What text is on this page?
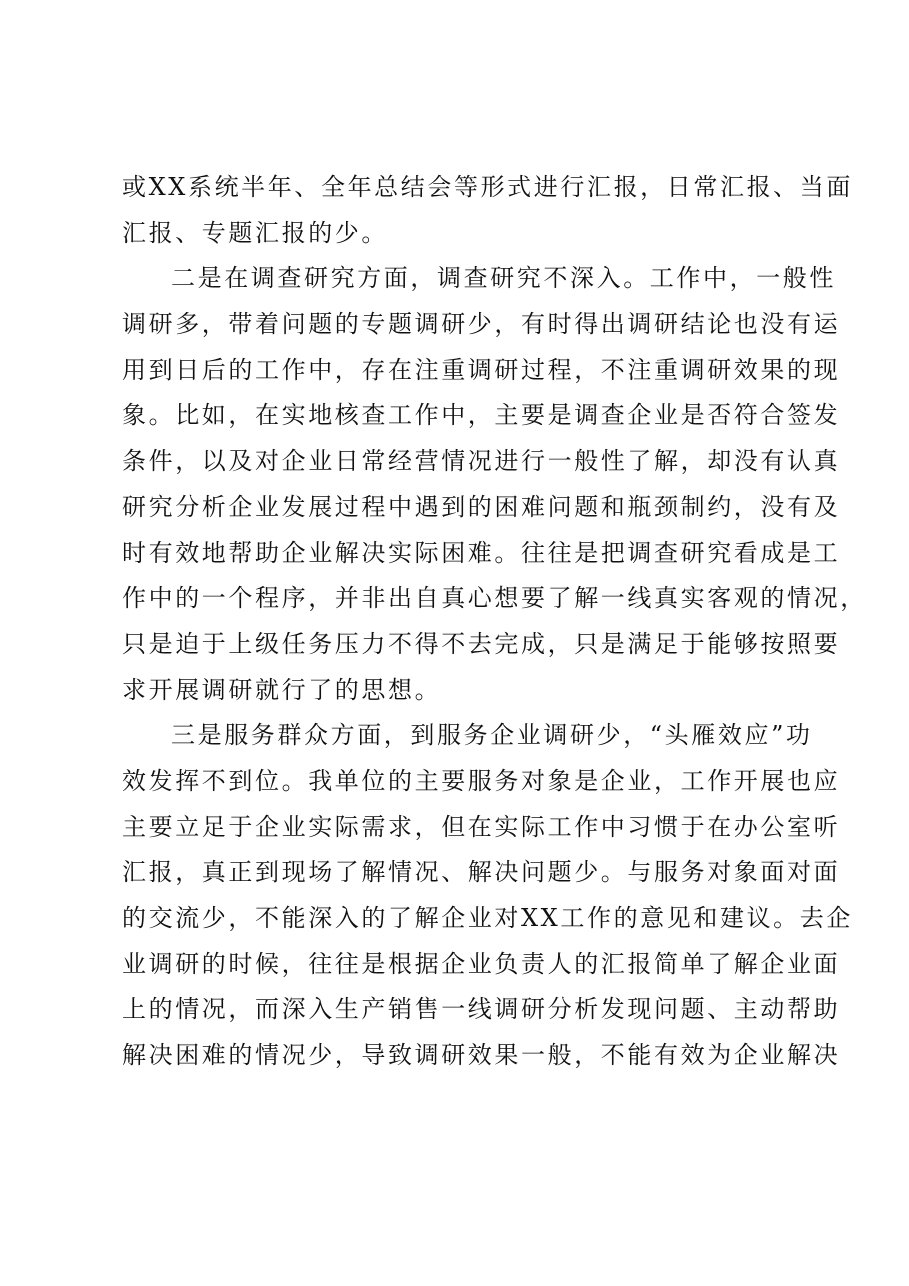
或XX系统半年、全年总结会等形式进行汇报，日常汇报、当面
汇报、专题汇报的少。
二是在调查研究方面，调查研究不深入。工作中，一般性
调研多，带着问题的专题调研少，有时得出调研结论也没有运
用到日后的工作中，存在注重调研过程，不注重调研效果的现
象。比如，在实地核查工作中，主要是调查企业是否符合签发
条件，以及对企业日常经营情况进行一般性了解，却没有认真
研究分析企业发展过程中遇到的困难问题和瓶颈制约，没有及
时有效地帮助企业解决实际困难。往往是把调查研究看成是工
作中的一个程序，并非出自真心想要了解一线真实客观的情况，
只是迫于上级任务压力不得不去完成，只是满足于能够按照要
求开展调研就行了的思想。
三是服务群众方面，到服务企业调研少，“头雁效应”功
效发挥不到位。我单位的主要服务对象是企业，工作开展也应
主要立足于企业实际需求，但在实际工作中习惯于在办公室听
汇报，真正到现场了解情况、解决问题少。与服务对象面对面
的交流少，不能深入的了解企业对XX工作的意见和建议。去企
业调研的时候，往往是根据企业负责人的汇报简单了解企业面
上的情况，而深入生产销售一线调研分析发现问题、主动帮助
解决困难的情况少，导致调研效果一般，不能有效为企业解决
